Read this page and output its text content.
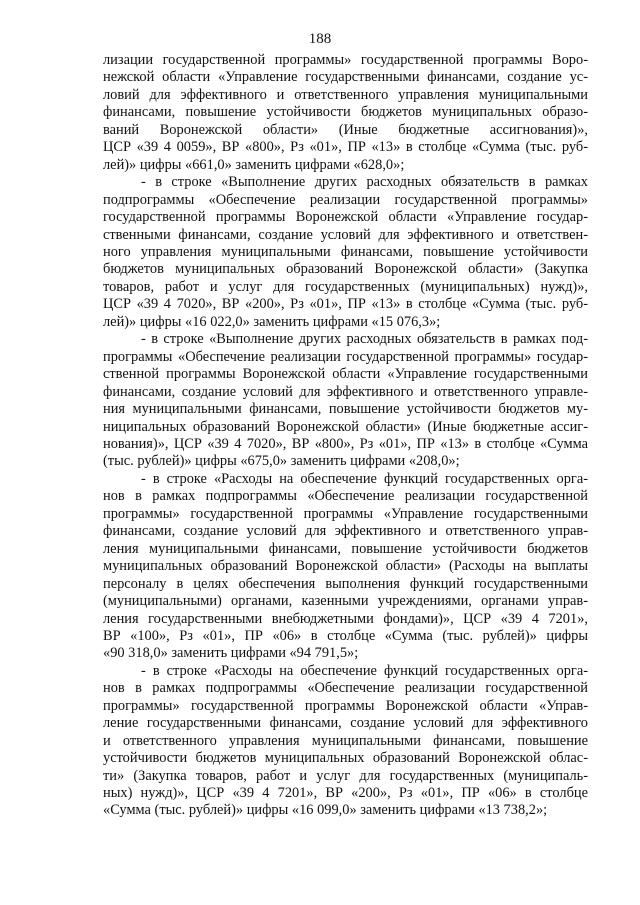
188
лизации государственной программы» государственной программы Воро-
нежской области «Управление государственными финансами, создание ус-
ловий для эффективного и ответственного управления муниципальными
финансами, повышение устойчивости бюджетов муниципальных образо-
ваний Воронежской области» (Иные бюджетные ассигнования)»,
ЦСР «39 4 0059», ВР «800», Рз «01», ПР «13» в столбце «Сумма (тыс. руб-
лей)» цифры «661,0» заменить цифрами «628,0»;
- в строке «Выполнение других расходных обязательств в рамках
подпрограммы «Обеспечение реализации государственной программы»
государственной программы Воронежской области «Управление государ-
ственными финансами, создание условий для эффективного и ответствен-
ного управления муниципальными финансами, повышение устойчивости
бюджетов муниципальных образований Воронежской области» (Закупка
товаров, работ и услуг для государственных (муниципальных) нужд)»,
ЦСР «39 4 7020», ВР «200», Рз «01», ПР «13» в столбце «Сумма (тыс. руб-
лей)» цифры «16 022,0» заменить цифрами «15 076,3»;
- в строке «Выполнение других расходных обязательств в рамках под-
программы «Обеспечение реализации государственной программы» государ-
ственной программы Воронежской области «Управление государственными
финансами, создание условий для эффективного и ответственного управле-
ния муниципальными финансами, повышение устойчивости бюджетов му-
ниципальных образований Воронежской области» (Иные бюджетные ассиг-
нования)», ЦСР «39 4 7020», ВР «800», Рз «01», ПР «13» в столбце «Сумма
(тыс. рублей)» цифры «675,0» заменить цифрами «208,0»;
- в строке «Расходы на обеспечение функций государственных орга-
нов в рамках подпрограммы «Обеспечение реализации государственной
программы» государственной программы «Управление государственными
финансами, создание условий для эффективного и ответственного управ-
ления муниципальными финансами, повышение устойчивости бюджетов
муниципальных образований Воронежской области» (Расходы на выплаты
персоналу в целях обеспечения выполнения функций государственными
(муниципальными) органами, казенными учреждениями, органами управ-
ления государственными внебюджетными фондами)», ЦСР «39 4 7201»,
ВР «100», Рз «01», ПР «06» в столбце «Сумма (тыс. рублей)» цифры
«90 318,0» заменить цифрами «94 791,5»;
- в строке «Расходы на обеспечение функций государственных орга-
нов в рамках подпрограммы «Обеспечение реализации государственной
программы» государственной программы Воронежской области «Управ-
ление государственными финансами, создание условий для эффективного
и ответственного управления муниципальными финансами, повышение
устойчивости бюджетов муниципальных образований Воронежской облас-
ти» (Закупка товаров, работ и услуг для государственных (муниципаль-
ных) нужд)», ЦСР «39 4 7201», ВР «200», Рз «01», ПР «06» в столбце
«Сумма (тыс. рублей)» цифры «16 099,0» заменить цифрами «13 738,2»;
